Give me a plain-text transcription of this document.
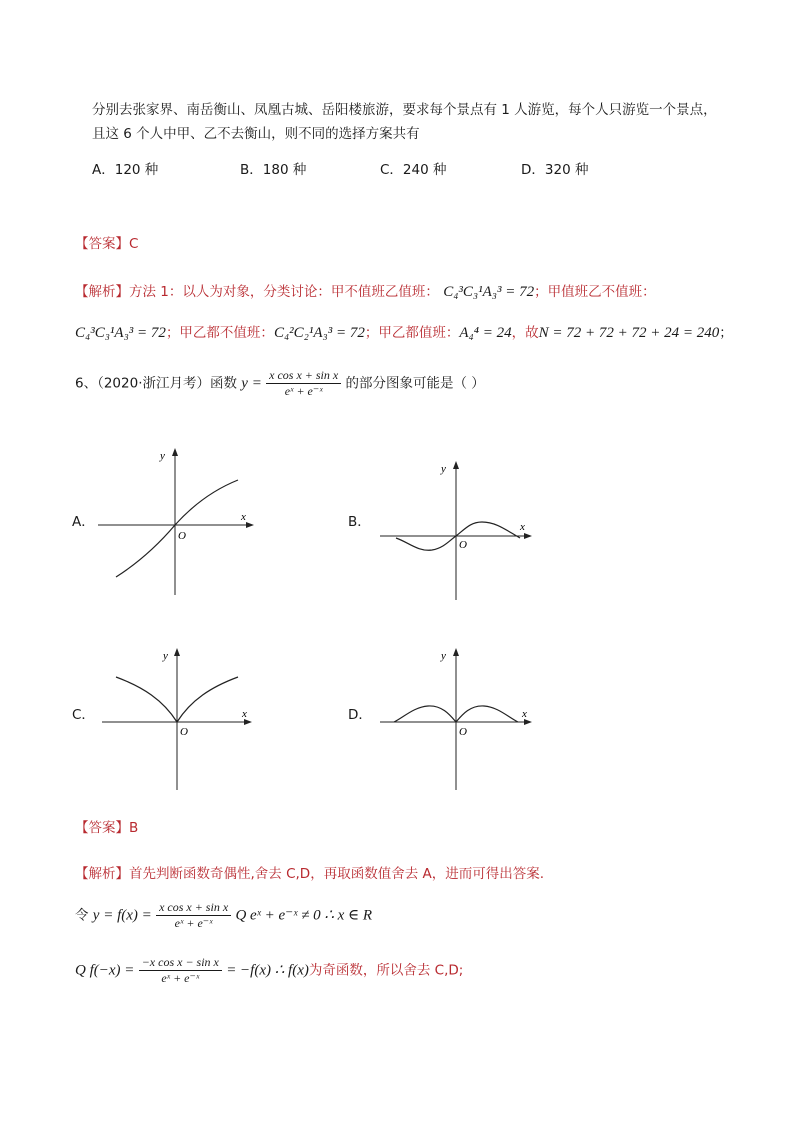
分别去张家界、南岳衡山、凤凰古城、岳阳楼旅游，要求每个景点有 1 人游览，每个人只游览一个景点，
且这 6 个人中甲、乙不去衡山，则不同的选择方案共有
A．120 种	B．180 种	C．240 种	D．320 种
【答案】C
【解析】方法 1：以人为对象，分类讨论：甲不值班乙值班： C₄³C₃¹A₃³ = 72；甲值班乙不值班：
C₄³C₃¹A₃³ = 72；甲乙都不值班：C₄²C₂¹A₃³ = 72；甲乙都值班：A₄⁴ = 24，故N = 72 + 72 + 72 + 24 = 240；
6、（2020·浙江月考）函数 $y = \frac{\text{x cos x + sin x}}{\text{eˣ + e⁻ˣ}}$ 的部分图象可能是（ ）
A．	B．
C．	D．
x
y
O
x
y
O
x
y
O
x
y
O
【答案】B
【解析】首先判断函数奇偶性,舍去 C,D，再取函数值舍去 A，进而可得出答案.
令 $y = f(x) = \frac{\text{x cos x + sin x}}{\text{eˣ + e⁻ˣ}}$ Q eˣ + e⁻ˣ ≠ 0 ∴ x ∈ R
Q $f(-x) = \frac{\text{−x cos x − sin x}}{\text{eˣ + e⁻ˣ}} = -f(x)$ ∴ f(x)为奇函数，所以舍去 C,D;
